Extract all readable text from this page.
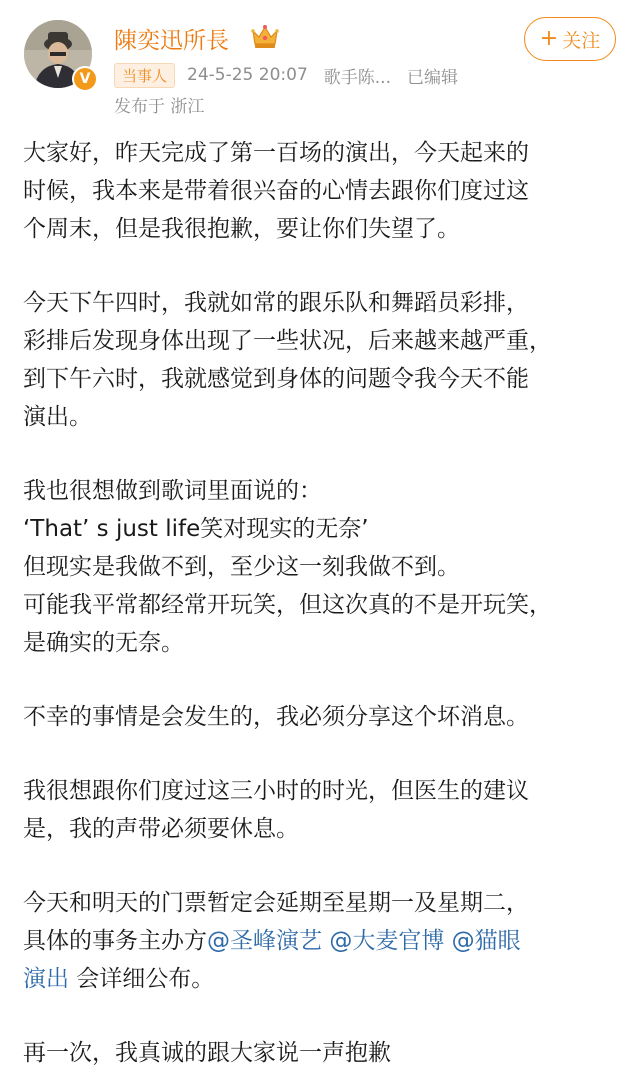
V
陳奕迅所長
当事人	24-5-25 20:07 歌手陈... 已编辑
发布于 浙江
+ 关注
大家好，昨天完成了第一百场的演出，今天起来的
时候，我本来是带着很兴奋的心情去跟你们度过这
个周末，但是我很抱歉，要让你们失望了。
今天下午四时，我就如常的跟乐队和舞蹈员彩排，
彩排后发现身体出现了一些状况，后来越来越严重，
到下午六时，我就感觉到身体的问题令我今天不能
演出。
我也很想做到歌词里面说的：
‘That’ s just life笑对现实的无奈’
但现实是我做不到，至少这一刻我做不到。
可能我平常都经常开玩笑，但这次真的不是开玩笑，
是确实的无奈。
不幸的事情是会发生的，我必须分享这个坏消息。
我很想跟你们度过这三小时的时光，但医生的建议
是，我的声带必须要休息。
今天和明天的门票暂定会延期至星期一及星期二，
具体的事务主办方@圣峰演艺 @大麦官博 @猫眼
演出 会详细公布。
再一次，我真诚的跟大家说一声抱歉
